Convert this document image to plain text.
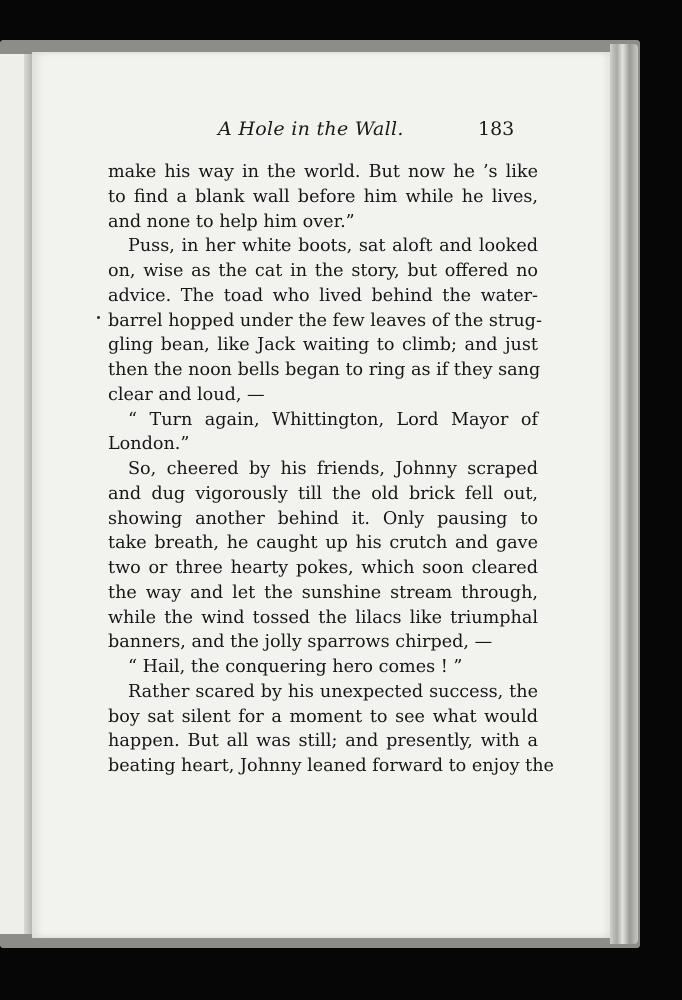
A Hole in the Wall.	183
make his way in the world. But now he ’s like
to find a blank wall before him while he lives,
and none to help him over.”
Puss, in her white boots, sat aloft and looked
on, wise as the cat in the story, but offered no
advice. The toad who lived behind the water-
barrel hopped under the few leaves of the strug-
gling bean, like Jack waiting to climb; and just
then the noon bells began to ring as if they sang
clear and loud, —
“ Turn again, Whittington, Lord Mayor of
London.”
So, cheered by his friends, Johnny scraped
and dug vigorously till the old brick fell out,
showing another behind it. Only pausing to
take breath, he caught up his crutch and gave
two or three hearty pokes, which soon cleared
the way and let the sunshine stream through,
while the wind tossed the lilacs like triumphal
banners, and the jolly sparrows chirped, —
“ Hail, the conquering hero comes ! ”
Rather scared by his unexpected success, the
boy sat silent for a moment to see what would
happen. But all was still; and presently, with a
beating heart, Johnny leaned forward to enjoy the
